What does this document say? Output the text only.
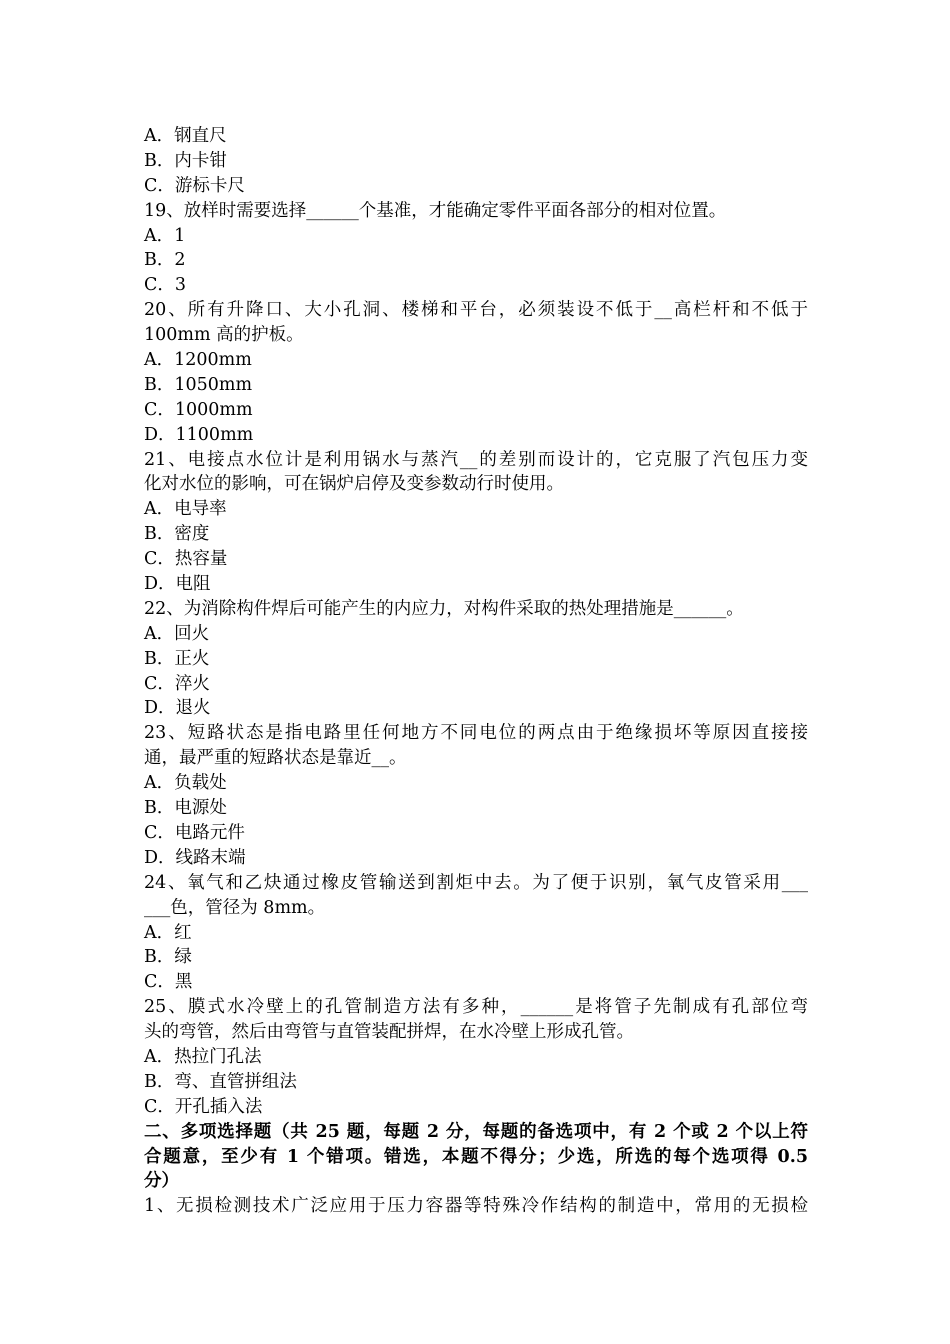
A．钢直尺
B．内卡钳
C．游标卡尺
19、放样时需要选择______个基准，才能确定零件平面各部分的相对位置。
A．1
B．2
C．3
20、所有升降口、大小孔洞、楼梯和平台，必须装设不低于__高栏杆和不低于
100mm 高的护板。
A．1200mm
B．1050mm
C．1000mm
D．1100mm
21、电接点水位计是利用锅水与蒸汽__的差别而设计的，它克服了汽包压力变
化对水位的影响，可在锅炉启停及变参数动行时使用。
A．电导率
B．密度
C．热容量
D．电阻
22、为消除构件焊后可能产生的内应力，对构件采取的热处理措施是______。
A．回火
B．正火
C．淬火
D．退火
23、短路状态是指电路里任何地方不同电位的两点由于绝缘损坏等原因直接接
通，最严重的短路状态是靠近__。
A．负载处
B．电源处
C．电路元件
D．线路末端
24、氧气和乙炔通过橡皮管输送到割炬中去。为了便于识别，氧气皮管采用___
___色，管径为 8mm。
A．红
B．绿
C．黑
25、膜式水冷壁上的孔管制造方法有多种，______是将管子先制成有孔部位弯
头的弯管，然后由弯管与直管装配拼焊，在水冷壁上形成孔管。
A．热拉门孔法
B．弯、直管拼组法
C．开孔插入法
二、多项选择题（共 25 题，每题 2 分，每题的备选项中，有 2 个或 2 个以上符
合题意，至少有 1 个错项。错选，本题不得分；少选，所选的每个选项得 0.5
分）
1、无损检测技术广泛应用于压力容器等特殊冷作结构的制造中，常用的无损检
